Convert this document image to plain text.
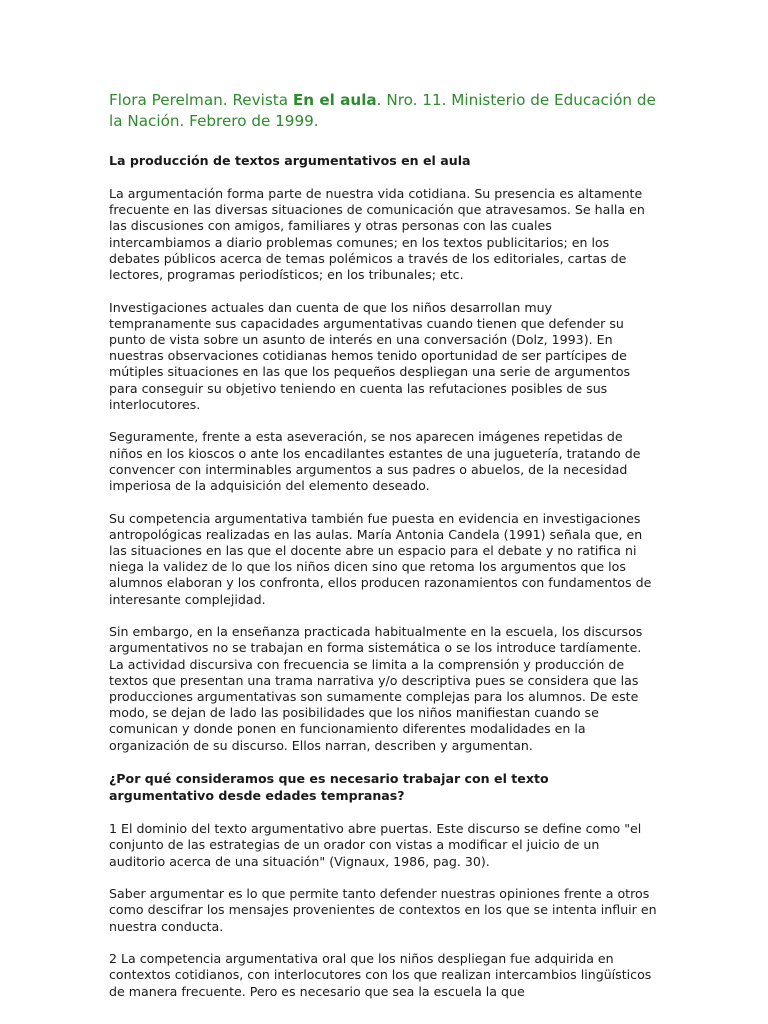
Flora Perelman. Revista En el aula. Nro. 11. Ministerio de Educación de la Nación. Febrero de 1999.

La producción de textos argumentativos en el aula

La argumentación forma parte de nuestra vida cotidiana. Su presencia es altamente frecuente en las diversas situaciones de comunicación que atravesamos. Se halla en las discusiones con amigos, familiares y otras personas con las cuales intercambiamos a diario problemas comunes; en los textos publicitarios; en los debates públicos acerca de temas polémicos a través de los editoriales, cartas de lectores, programas periodísticos; en los tribunales; etc.

Investigaciones actuales dan cuenta de que los niños desarrollan muy tempranamente sus capacidades argumentativas cuando tienen que defender su punto de vista sobre un asunto de interés en una conversación (Dolz, 1993). En nuestras observaciones cotidianas hemos tenido oportunidad de ser partícipes de mútiples situaciones en las que los pequeños despliegan una serie de argumentos para conseguir su objetivo teniendo en cuenta las refutaciones posibles de sus interlocutores.

Seguramente, frente a esta aseveración, se nos aparecen imágenes repetidas de niños en los kioscos o ante los encadilantes estantes de una juguetería, tratando de convencer con interminables argumentos a sus padres o abuelos, de la necesidad imperiosa de la adquisición del elemento deseado.

Su competencia argumentativa también fue puesta en evidencia en investigaciones antropológicas realizadas en las aulas. María Antonia Candela (1991) señala que, en las situaciones en las que el docente abre un espacio para el debate y no ratifica ni niega la validez de lo que los niños dicen sino que retoma los argumentos que los alumnos elaboran y los confronta, ellos producen razonamientos con fundamentos de interesante complejidad.

Sin embargo, en la enseñanza practicada habitualmente en la escuela, los discursos argumentativos no se trabajan en forma sistemática o se los introduce tardíamente. La actividad discursiva con frecuencia se limita a la comprensión y producción de textos que presentan una trama narrativa y/o descriptiva pues se considera que las producciones argumentativas son sumamente complejas para los alumnos. De este modo, se dejan de lado las posibilidades que los niños manifiestan cuando se comunican y donde ponen en funcionamiento diferentes modalidades en la organización de su discurso. Ellos narran, describen y argumentan.

¿Por qué consideramos que es necesario trabajar con el texto argumentativo desde edades tempranas?

1 El dominio del texto argumentativo abre puertas. Este discurso se define como "el conjunto de las estrategias de un orador con vistas a modificar el juicio de un auditorio acerca de una situación" (Vignaux, 1986, pag. 30).

Saber argumentar es lo que permite tanto defender nuestras opiniones frente a otros como descifrar los mensajes provenientes de contextos en los que se intenta influir en nuestra conducta.

2 La competencia argumentativa oral que los niños despliegan fue adquirida en contextos cotidianos, con interlocutores con los que realizan intercambios lingüísticos de manera frecuente. Pero es necesario que sea la escuela la que
